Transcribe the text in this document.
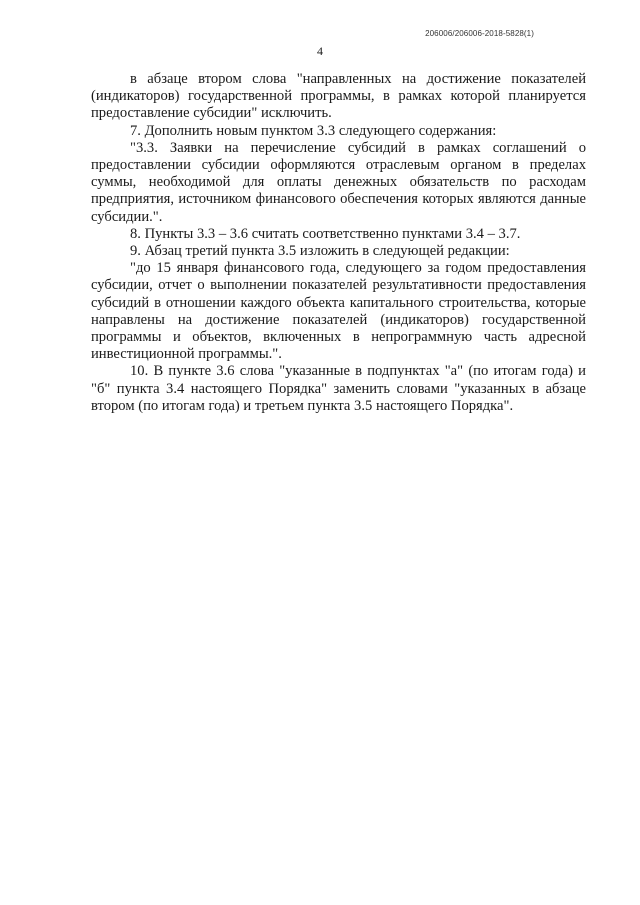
206006/206006-2018-5828(1)
4

в абзаце втором слова "направленных на достижение показателей (индикаторов) государственной программы, в рамках которой планируется предоставление субсидии" исключить.

7. Дополнить новым пунктом 3.3 следующего содержания:

"3.3. Заявки на перечисление субсидий в рамках соглашений о предоставлении субсидии оформляются отраслевым органом в пределах суммы, необходимой для оплаты денежных обязательств по расходам предприятия, источником финансового обеспечения которых являются данные субсидии.".

8. Пункты 3.3 – 3.6 считать соответственно пунктами 3.4 – 3.7.

9. Абзац третий пункта 3.5 изложить в следующей редакции:

"до 15 января финансового года, следующего за годом предоставления субсидии, отчет о выполнении показателей результативности предоставления субсидий в отношении каждого объекта капитального строительства, которые направлены на достижение показателей (индикаторов) государственной программы и объектов, включенных в непрограммную часть адресной инвестиционной программы.".

10. В пункте 3.6 слова "указанные в подпунктах "а" (по итогам года) и "б" пункта 3.4 настоящего Порядка" заменить словами "указанных в абзаце втором (по итогам года) и третьем пункта 3.5 настоящего Порядка".
